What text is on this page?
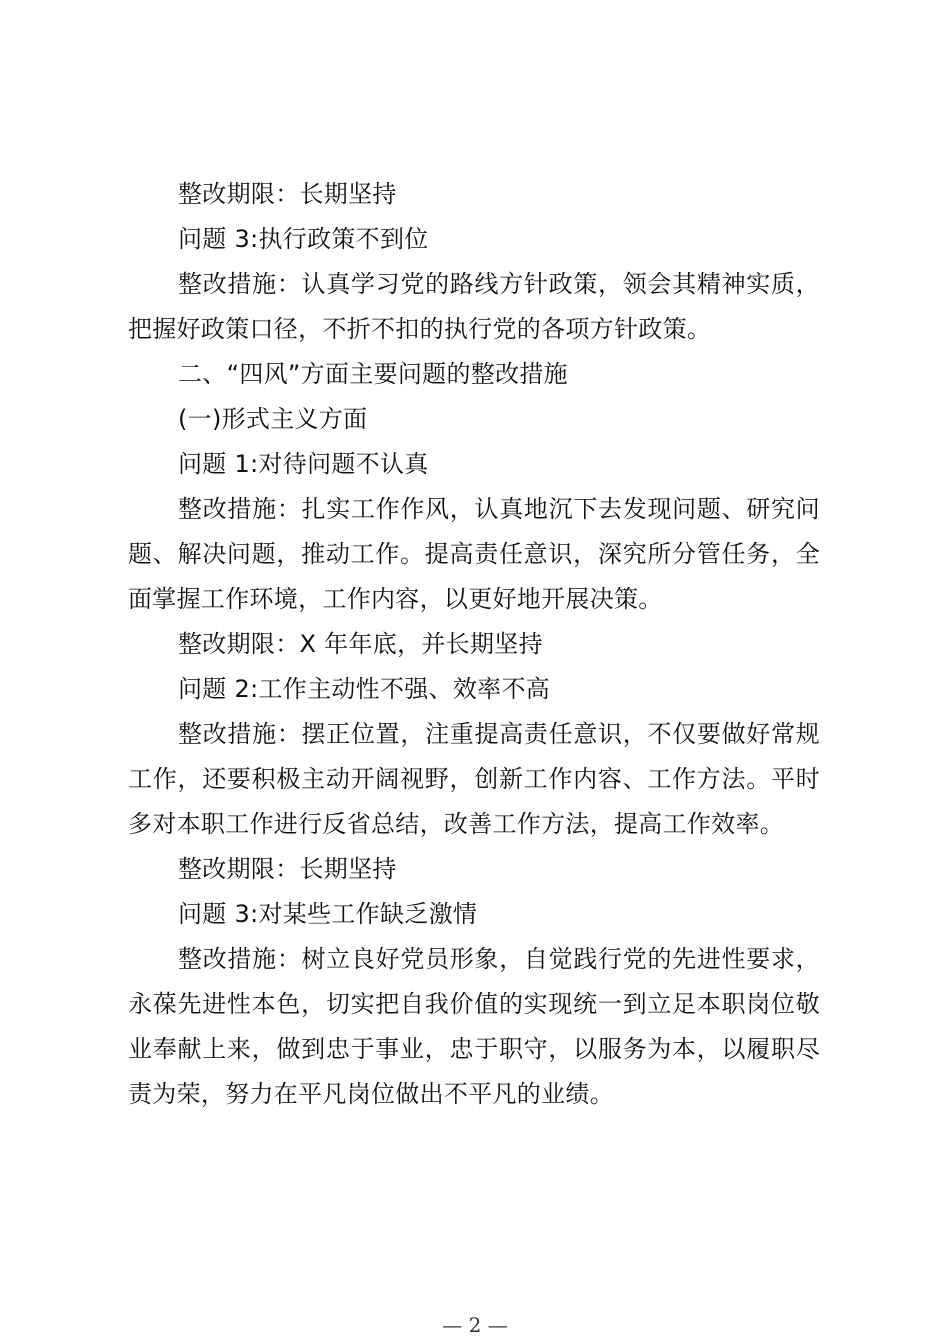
整改期限：长期坚持

问题 3:执行政策不到位

整改措施：认真学习党的路线方针政策，领会其精神实质，把握好政策口径，不折不扣的执行党的各项方针政策。

二、“四风”方面主要问题的整改措施

(一)形式主义方面

问题 1:对待问题不认真

整改措施：扎实工作作风，认真地沉下去发现问题、研究问题、解决问题，推动工作。提高责任意识，深究所分管任务，全面掌握工作环境，工作内容，以更好地开展决策。

整改期限：X 年年底，并长期坚持

问题 2:工作主动性不强、效率不高

整改措施：摆正位置，注重提高责任意识，不仅要做好常规工作，还要积极主动开阔视野，创新工作内容、工作方法。平时多对本职工作进行反省总结，改善工作方法，提高工作效率。

整改期限：长期坚持

问题 3:对某些工作缺乏激情

整改措施：树立良好党员形象，自觉践行党的先进性要求，永葆先进性本色，切实把自我价值的实现统一到立足本职岗位敬业奉献上来，做到忠于事业，忠于职守，以服务为本，以履职尽责为荣，努力在平凡岗位做出不平凡的业绩。

— 2 —
